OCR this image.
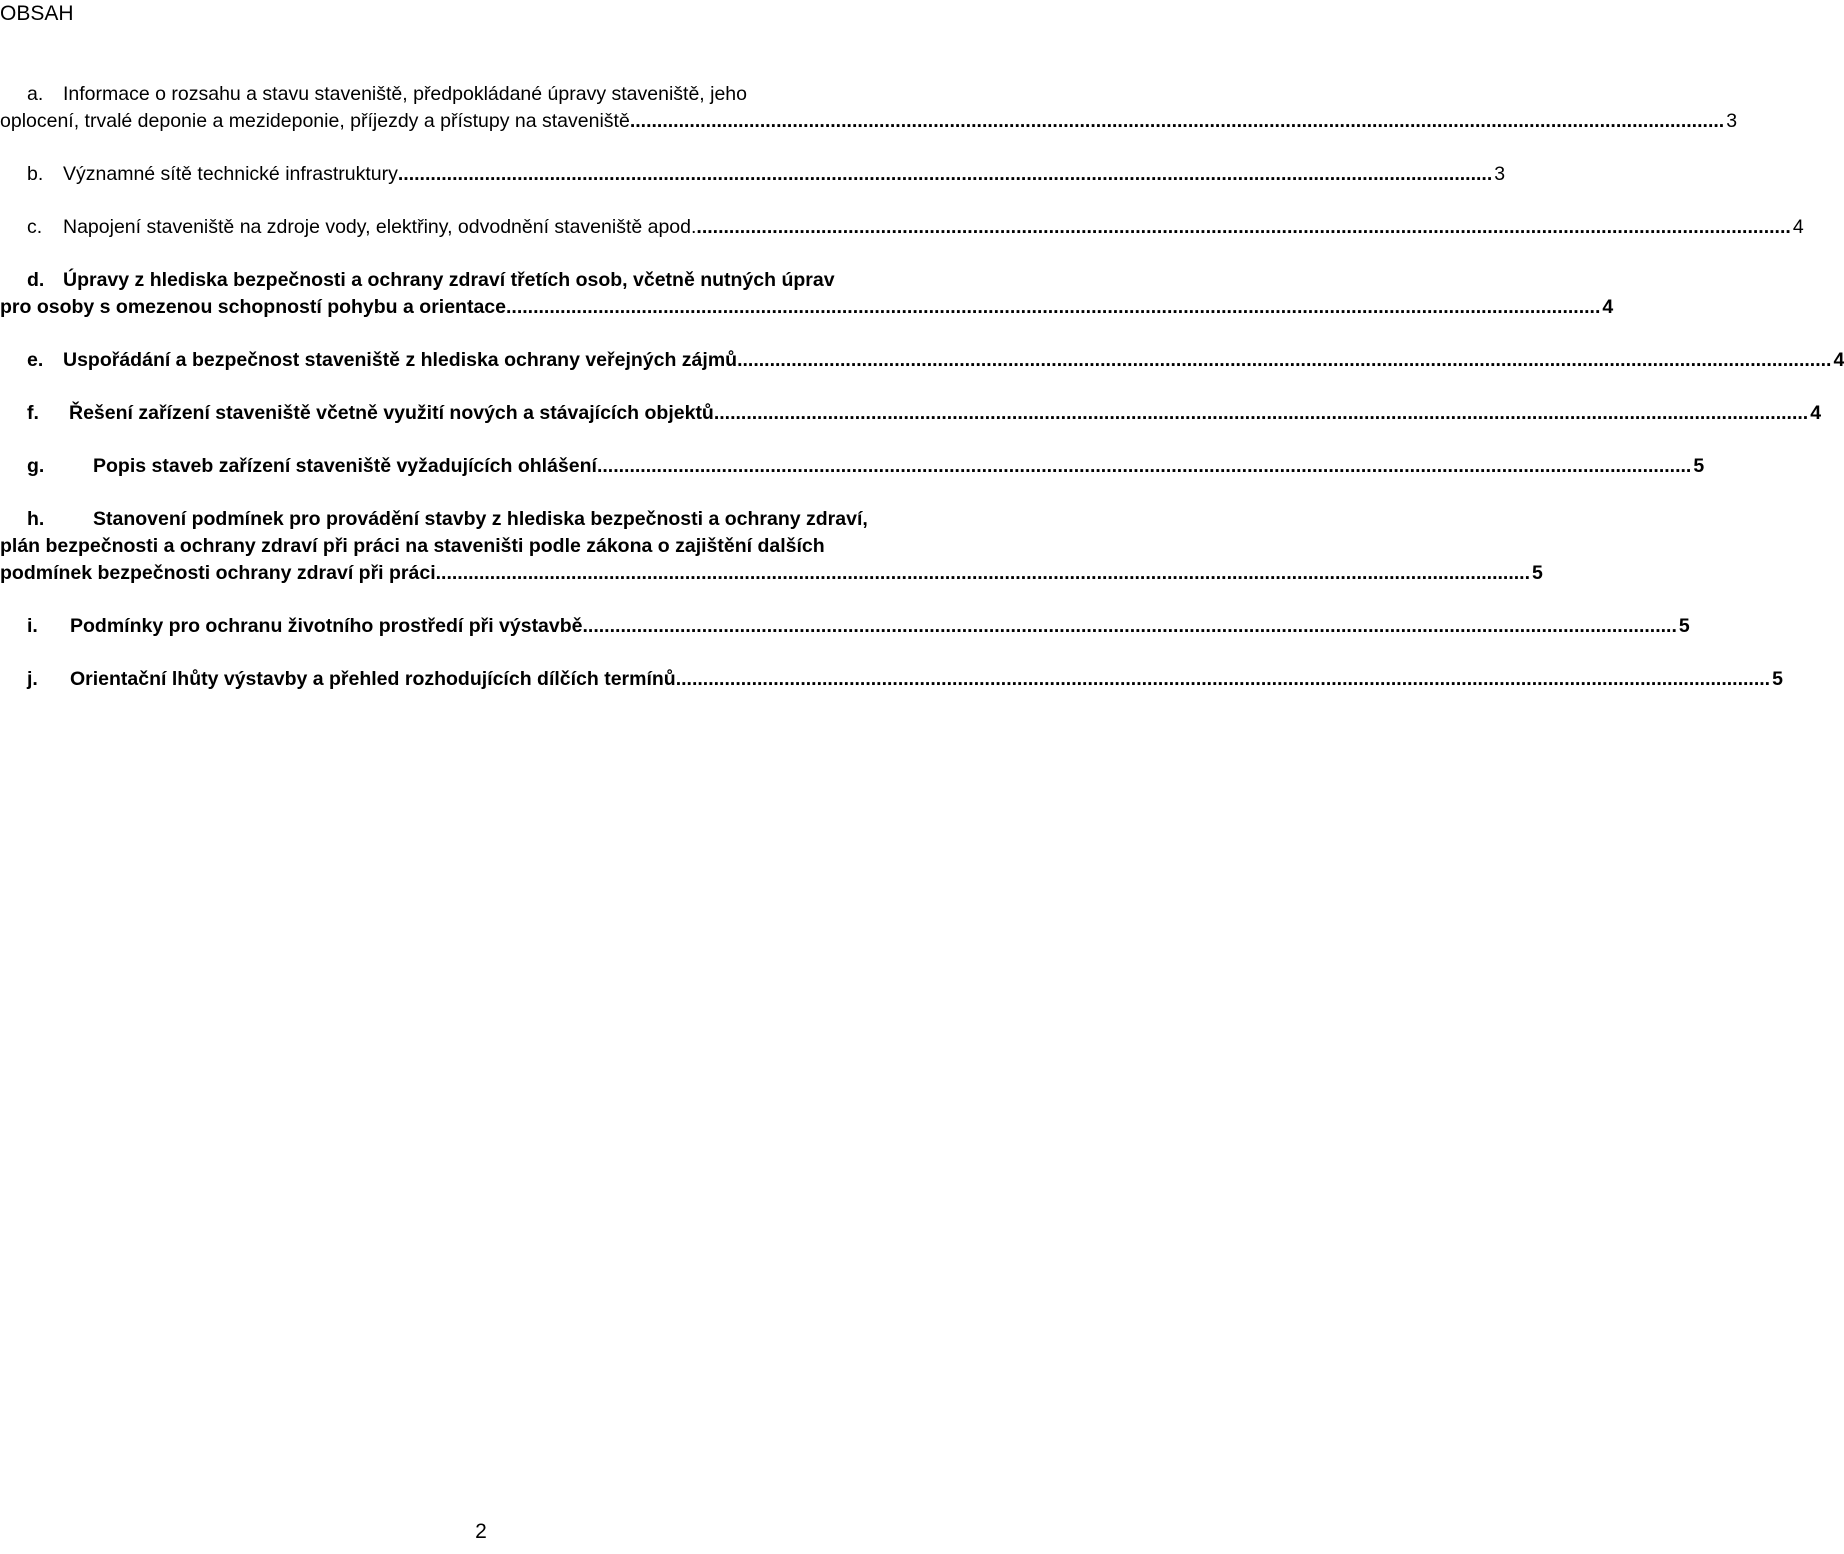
OBSAH
a.	Informace o rozsahu a stavu staveniště, předpokládané úpravy staveniště, jeho
oplocení, trvalé deponie a mezideponie, příjezdy a přístupy na staveniště .....	3
b.	Významné sítě technické infrastruktury .....	3
c.	Napojení staveniště na zdroje vody, elektřiny, odvodnění staveniště apod. .....	4
d. Úpravy z hlediska bezpečnosti a ochrany zdraví třetích osob, včetně nutných úprav
pro osoby s omezenou schopností pohybu a orientace .....	4
e.	Uspořádání a bezpečnost staveniště z hlediska ochrany veřejných zájmů .....	4
f.	Řešení zařízení staveniště včetně využití nových a stávajících objektů .....	4
g.	Popis staveb zařízení staveniště vyžadujících ohlášení .....	5
h.	Stanovení podmínek pro provádění stavby z hlediska bezpečnosti a ochrany zdraví,
plán bezpečnosti a ochrany zdraví při práci na staveništi podle zákona o zajištění dalších
podmínek bezpečnosti ochrany zdraví při práci .....	5
i.	Podmínky pro ochranu životního prostředí při výstavbě .....	5
j.	Orientační lhůty výstavby a přehled rozhodujících dílčích termínů .....	5
2
